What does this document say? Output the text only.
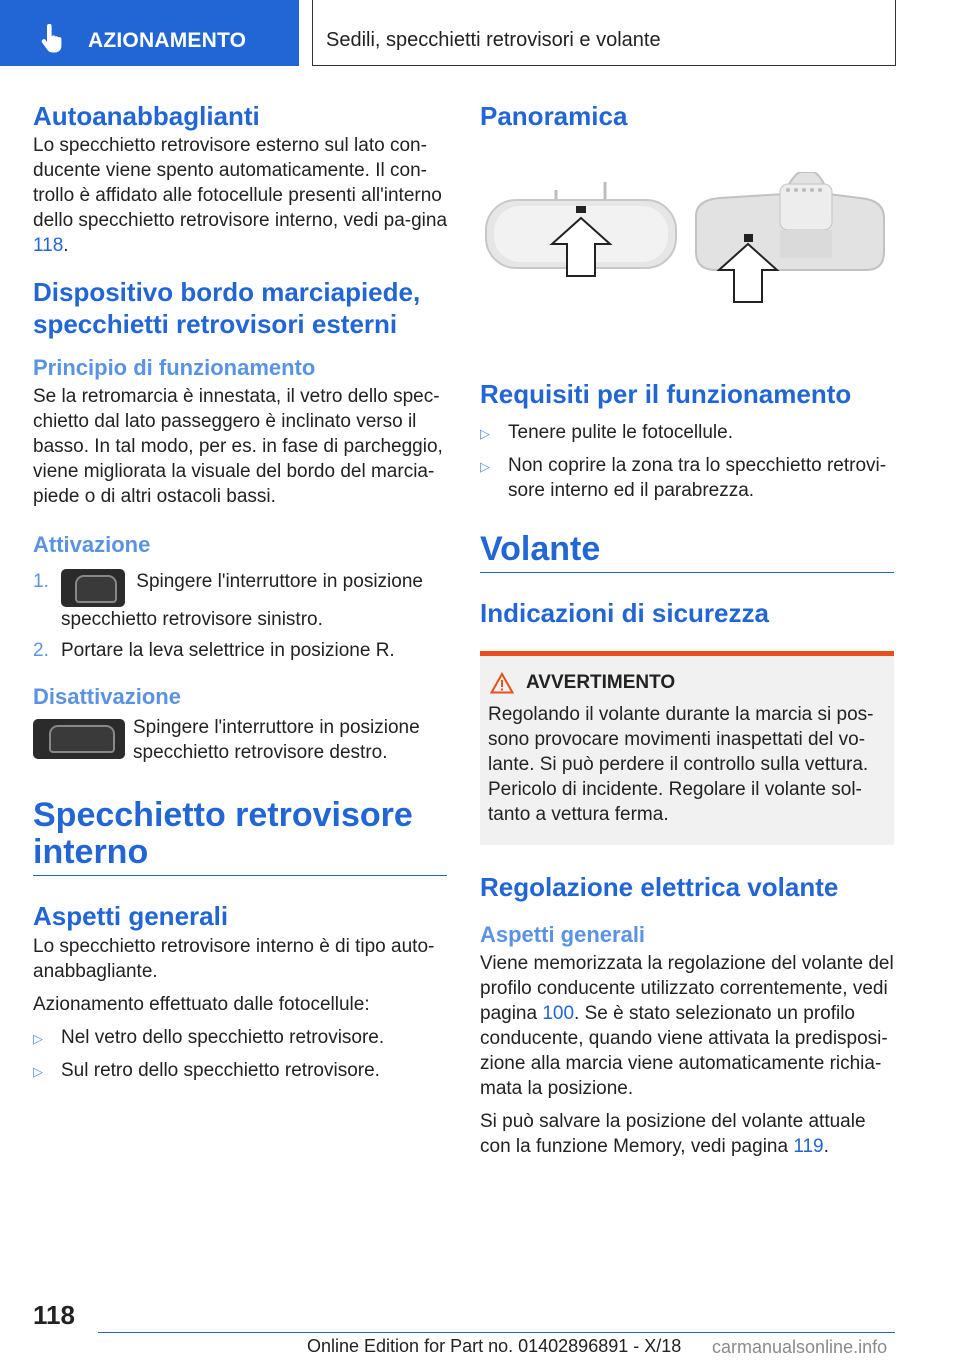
AZIONAMENTO	Sedili, specchietti retrovisori e volante
Autoanabbaglianti

Lo specchietto retrovisore esterno sul lato con-ducente viene spento automaticamente. Il con-trollo è affidato alle fotocellule presenti all'interno dello specchietto retrovisore interno, vedi pa-gina 118.

Dispositivo bordo marciapiede, specchietti retrovisori esterni
Principio di funzionamento

Se la retromarcia è innestata, il vetro dello spec-chietto dal lato passeggero è inclinato verso il basso. In tal modo, per es. in fase di parcheggio, viene migliorata la visuale del bordo del marcia-piede o di altri ostacoli bassi.

Attivazione
1.	Spingere l'interruttore in posizione specchietto retrovisore sinistro.
2. Portare la leva selettrice in posizione R.
Disattivazione

Spingere l'interruttore in posizione specchietto retrovisore destro.

Specchietto retrovisore interno
Aspetti generali

Lo specchietto retrovisore interno è di tipo auto-anabbagliante.

Azionamento effettuato dalle fotocellule:

▷ Nel vetro dello specchietto retrovisore.
▷ Sul retro dello specchietto retrovisore.
Panoramica
Requisiti per il funzionamento
▷ Tenere pulite le fotocellule.
▷ Non coprire la zona tra lo specchietto retrovi-sore interno ed il parabrezza.
Volante
Indicazioni di sicurezza
AVVERTIMENTO

Regolando il volante durante la marcia si pos-sono provocare movimenti inaspettati del vo-lante. Si può perdere il controllo sulla vettura. Pericolo di incidente. Regolare il volante sol-tanto a vettura ferma.

Regolazione elettrica volante
Aspetti generali

Viene memorizzata la regolazione del volante del profilo conducente utilizzato correntemente, vedi pagina 100. Se è stato selezionato un profilo conducente, quando viene attivata la predisposi-zione alla marcia viene automaticamente richia-mata la posizione.

Si può salvare la posizione del volante attuale con la funzione Memory, vedi pagina 119.

118
Online Edition for Part no. 01402896891 - X/18 carmanualsonline.info
